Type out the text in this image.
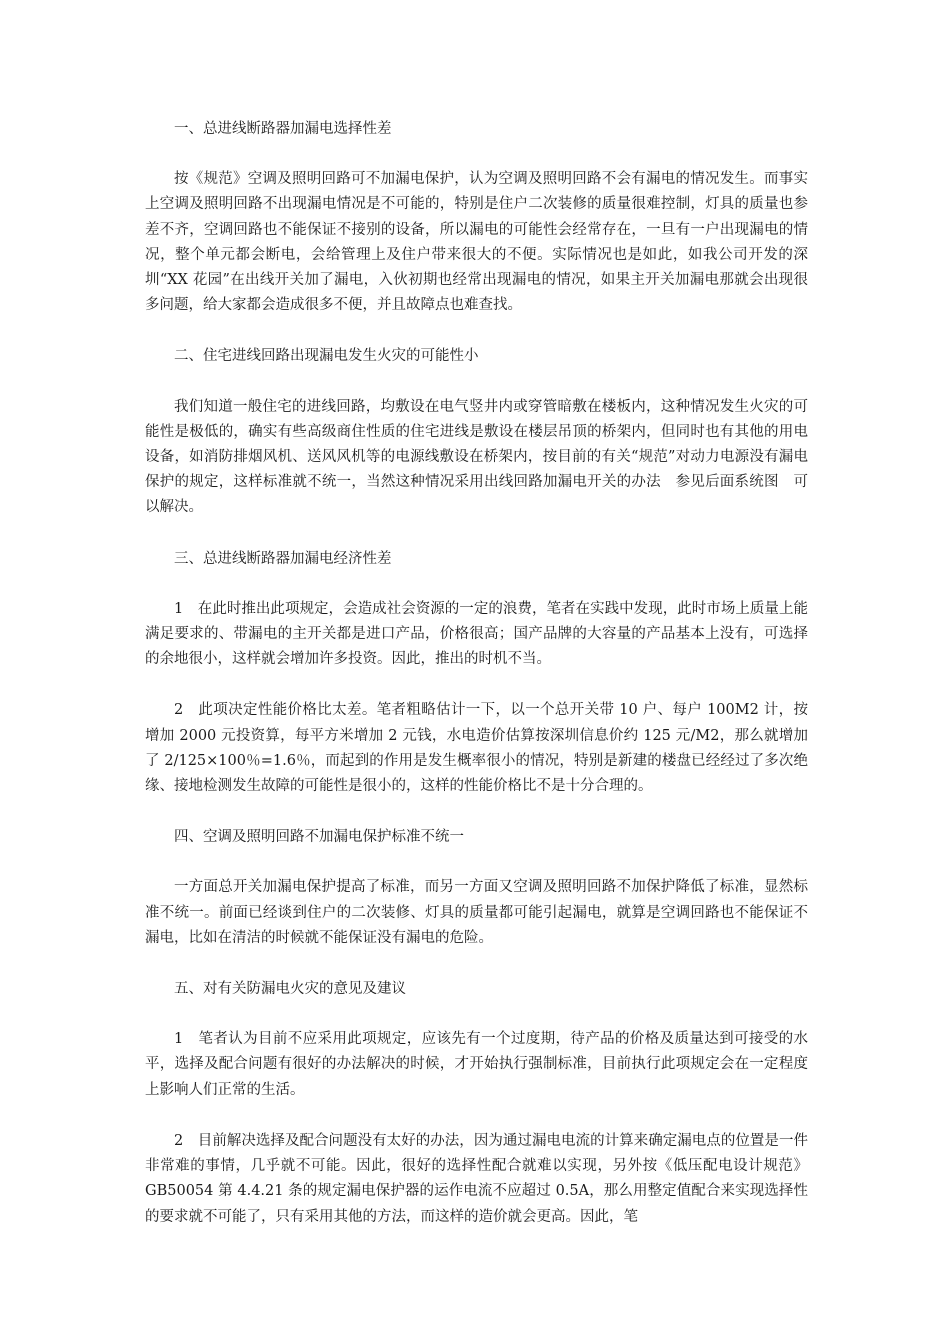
一、总进线断路器加漏电选择性差

按《规范》空调及照明回路可不加漏电保护，认为空调及照明回路不会有漏电的情况发生。而事实上空调及照明回路不出现漏电情况是不可能的，特别是住户二次装修的质量很难控制，灯具的质量也参差不齐，空调回路也不能保证不接别的设备，所以漏电的可能性会经常存在，一旦有一户出现漏电的情况，整个单元都会断电，会给管理上及住户带来很大的不便。实际情况也是如此，如我公司开发的深圳“XX 花园”在出线开关加了漏电，入伙初期也经常出现漏电的情况，如果主开关加漏电那就会出现很多问题，给大家都会造成很多不便，并且故障点也难查找。

二、住宅进线回路出现漏电发生火灾的可能性小

我们知道一般住宅的进线回路，均敷设在电气竖井内或穿管暗敷在楼板内，这种情况发生火灾的可能性是极低的，确实有些高级商住性质的住宅进线是敷设在楼层吊顶的桥架内，但同时也有其他的用电设备，如消防排烟风机、送风风机等的电源线敷设在桥架内，按目前的有关“规范”对动力电源没有漏电保护的规定，这样标准就不统一，当然这种情况采用出线回路加漏电开关的办法　参见后面系统图　可以解决。

三、总进线断路器加漏电经济性差

1　在此时推出此项规定，会造成社会资源的一定的浪费，笔者在实践中发现，此时市场上质量上能满足要求的、带漏电的主开关都是进口产品，价格很高；国产品牌的大容量的产品基本上没有，可选择的余地很小，这样就会增加许多投资。因此，推出的时机不当。

2　此项决定性能价格比太差。笔者粗略估计一下，以一个总开关带 10 户、每户 100M2 计，按增加 2000 元投资算，每平方米增加 2 元钱，水电造价估算按深圳信息价约 125 元/M2，那么就增加了 2/125×100％=1.6％，而起到的作用是发生概率很小的情况，特别是新建的楼盘已经经过了多次绝缘、接地检测发生故障的可能性是很小的，这样的性能价格比不是十分合理的。

四、空调及照明回路不加漏电保护标准不统一

一方面总开关加漏电保护提高了标准，而另一方面又空调及照明回路不加保护降低了标准，显然标准不统一。前面已经谈到住户的二次装修、灯具的质量都可能引起漏电，就算是空调回路也不能保证不漏电，比如在清洁的时候就不能保证没有漏电的危险。

五、对有关防漏电火灾的意见及建议

1　笔者认为目前不应采用此项规定，应该先有一个过度期，待产品的价格及质量达到可接受的水平，选择及配合问题有很好的办法解决的时候，才开始执行强制标准，目前执行此项规定会在一定程度上影响人们正常的生活。

2　目前解决选择及配合问题没有太好的办法，因为通过漏电电流的计算来确定漏电点的位置是一件非常难的事情，几乎就不可能。因此，很好的选择性配合就难以实现，另外按《低压配电设计规范》GB50054 第 4.4.21 条的规定漏电保护器的运作电流不应超过 0.5A，那么用整定值配合来实现选择性的要求就不可能了，只有采用其他的方法，而这样的造价就会更高。因此，笔
